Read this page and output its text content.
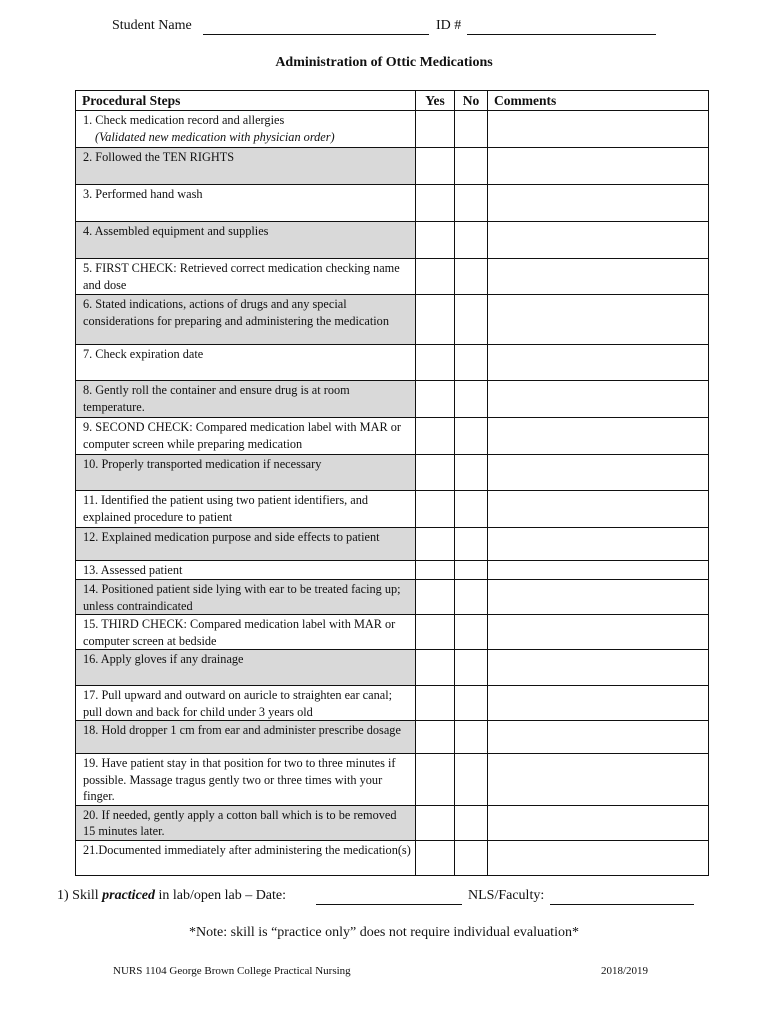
Student Name	ID #
Administration of Ottic Medications
Procedural Steps	Yes	No	Comments

1. Check medication record and allergies
(Validated new medication with physician order)			

2. Followed the TEN RIGHTS			

3. Performed hand wash			

4. Assembled equipment and supplies			

5. FIRST CHECK: Retrieved correct medication checking name and dose			

6. Stated indications, actions of drugs and any special considerations for preparing and administering the medication			

7. Check expiration date			

8. Gently roll the container and ensure drug is at room temperature.			

9. SECOND CHECK: Compared medication label with MAR or computer screen while preparing medication			

10. Properly transported medication if necessary			

11. Identified the patient using two patient identifiers, and explained procedure to patient			

12. Explained medication purpose and side effects to patient			

13. Assessed patient			

14. Positioned patient side lying with ear to be treated facing up; unless contraindicated			

15. THIRD CHECK: Compared medication label with MAR or computer screen at bedside			

16. Apply gloves if any drainage			

17. Pull upward and outward on auricle to straighten ear canal; pull down and back for child under 3 years old			

18. Hold dropper 1 cm from ear and administer prescribe dosage			

19. Have patient stay in that position for two to three minutes if possible. Massage tragus gently two or three times with your finger.			

20. If needed, gently apply a cotton ball which is to be removed 15 minutes later.			

21.Documented immediately after administering the medication(s)			

1) Skill practiced in lab/open lab – Date:	NLS/Faculty:
*Note: skill is “practice only” does not require individual evaluation*
NURS 1104 George Brown College Practical Nursing	2018/2019
